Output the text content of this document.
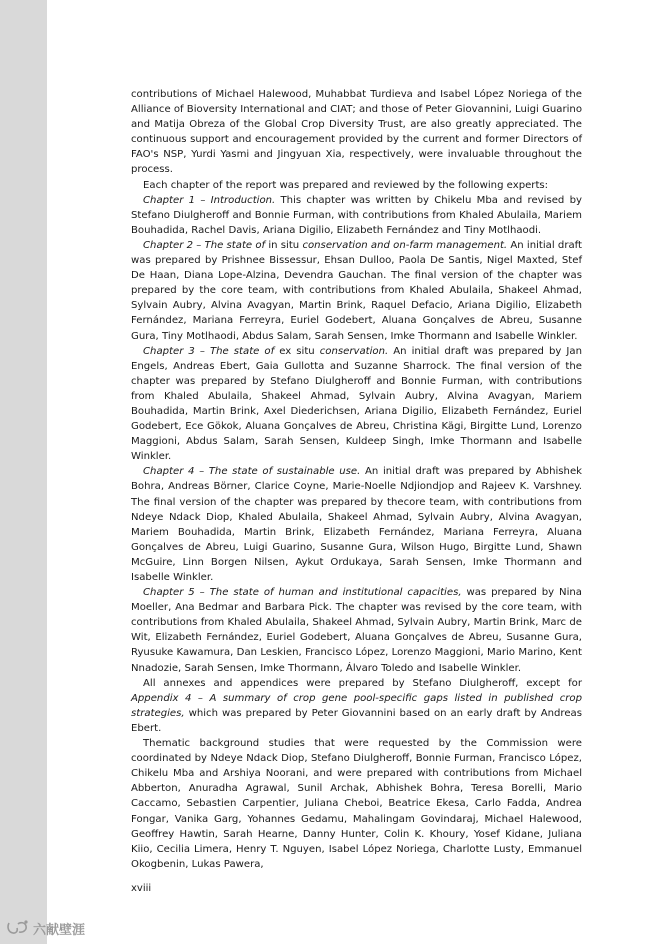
contributions of Michael Halewood, Muhabbat Turdieva and Isabel López Noriega of the Alliance of Bioversity International and CIAT; and those of Peter Giovannini, Luigi Guarino and Matija Obreza of the Global Crop Diversity Trust, are also greatly appreciated. The continuous support and encouragement provided by the current and former Directors of FAO's NSP, Yurdi Yasmi and Jingyuan Xia, respectively, were invaluable throughout the process.

Each chapter of the report was prepared and reviewed by the following experts:

Chapter 1 – Introduction. This chapter was written by Chikelu Mba and revised by Stefano Diulgheroff and Bonnie Furman, with contributions from Khaled Abulaila, Mariem Bouhadida, Rachel Davis, Ariana Digilio, Elizabeth Fernández and Tiny Motlhaodi.

Chapter 2 – The state of in situ conservation and on-farm management. An initial draft was prepared by Prishnee Bissessur, Ehsan Dulloo, Paola De Santis, Nigel Maxted, Stef De Haan, Diana Lope-Alzina, Devendra Gauchan. The final version of the chapter was prepared by the core team, with contributions from Khaled Abulaila, Shakeel Ahmad, Sylvain Aubry, Alvina Avagyan, Martin Brink, Raquel Defacio, Ariana Digilio, Elizabeth Fernández, Mariana Ferreyra, Euriel Godebert, Aluana Gonçalves de Abreu, Susanne Gura, Tiny Motlhaodi, Abdus Salam, Sarah Sensen, Imke Thormann and Isabelle Winkler.

Chapter 3 – The state of ex situ conservation. An initial draft was prepared by Jan Engels, Andreas Ebert, Gaia Gullotta and Suzanne Sharrock. The final version of the chapter was prepared by Stefano Diulgheroff and Bonnie Furman, with contributions from Khaled Abulaila, Shakeel Ahmad, Sylvain Aubry, Alvina Avagyan, Mariem Bouhadida, Martin Brink, Axel Diederichsen, Ariana Digilio, Elizabeth Fernández, Euriel Godebert, Ece Gökok, Aluana Gonçalves de Abreu, Christina Kägi, Birgitte Lund, Lorenzo Maggioni, Abdus Salam, Sarah Sensen, Kuldeep Singh, Imke Thormann and Isabelle Winkler.

Chapter 4 – The state of sustainable use. An initial draft was prepared by Abhishek Bohra, Andreas Börner, Clarice Coyne, Marie-Noelle Ndjiondjop and Rajeev K. Varshney. The final version of the chapter was prepared by thecore team, with contributions from Ndeye Ndack Diop, Khaled Abulaila, Shakeel Ahmad, Sylvain Aubry, Alvina Avagyan, Mariem Bouhadida, Martin Brink, Elizabeth Fernández, Mariana Ferreyra, Aluana Gonçalves de Abreu, Luigi Guarino, Susanne Gura, Wilson Hugo, Birgitte Lund, Shawn McGuire, Linn Borgen Nilsen, Aykut Ordukaya, Sarah Sensen, Imke Thormann and Isabelle Winkler.

Chapter 5 – The state of human and institutional capacities, was prepared by Nina Moeller, Ana Bedmar and Barbara Pick. The chapter was revised by the core team, with contributions from Khaled Abulaila, Shakeel Ahmad, Sylvain Aubry, Martin Brink, Marc de Wit, Elizabeth Fernández, Euriel Godebert, Aluana Gonçalves de Abreu, Susanne Gura, Ryusuke Kawamura, Dan Leskien, Francisco López, Lorenzo Maggioni, Mario Marino, Kent Nnadozie, Sarah Sensen, Imke Thormann, Álvaro Toledo and Isabelle Winkler.

All annexes and appendices were prepared by Stefano Diulgheroff, except for Appendix 4 – A summary of crop gene pool-specific gaps listed in published crop strategies, which was prepared by Peter Giovannini based on an early draft by Andreas Ebert.

Thematic background studies that were requested by the Commission were coordinated by Ndeye Ndack Diop, Stefano Diulgheroff, Bonnie Furman, Francisco López, Chikelu Mba and Arshiya Noorani, and were prepared with contributions from Michael Abberton, Anuradha Agrawal, Sunil Archak, Abhishek Bohra, Teresa Borelli, Mario Caccamo, Sebastien Carpentier, Juliana Cheboi, Beatrice Ekesa, Carlo Fadda, Andrea Fongar, Vanika Garg, Yohannes Gedamu, Mahalingam Govindaraj, Michael Halewood, Geoffrey Hawtin, Sarah Hearne, Danny Hunter, Colin K. Khoury, Yosef Kidane, Juliana Kiio, Cecilia Limera, Henry T. Nguyen, Isabel López Noriega, Charlotte Lusty, Emmanuel Okogbenin, Lukas Pawera,

xviii
六献壁涯
